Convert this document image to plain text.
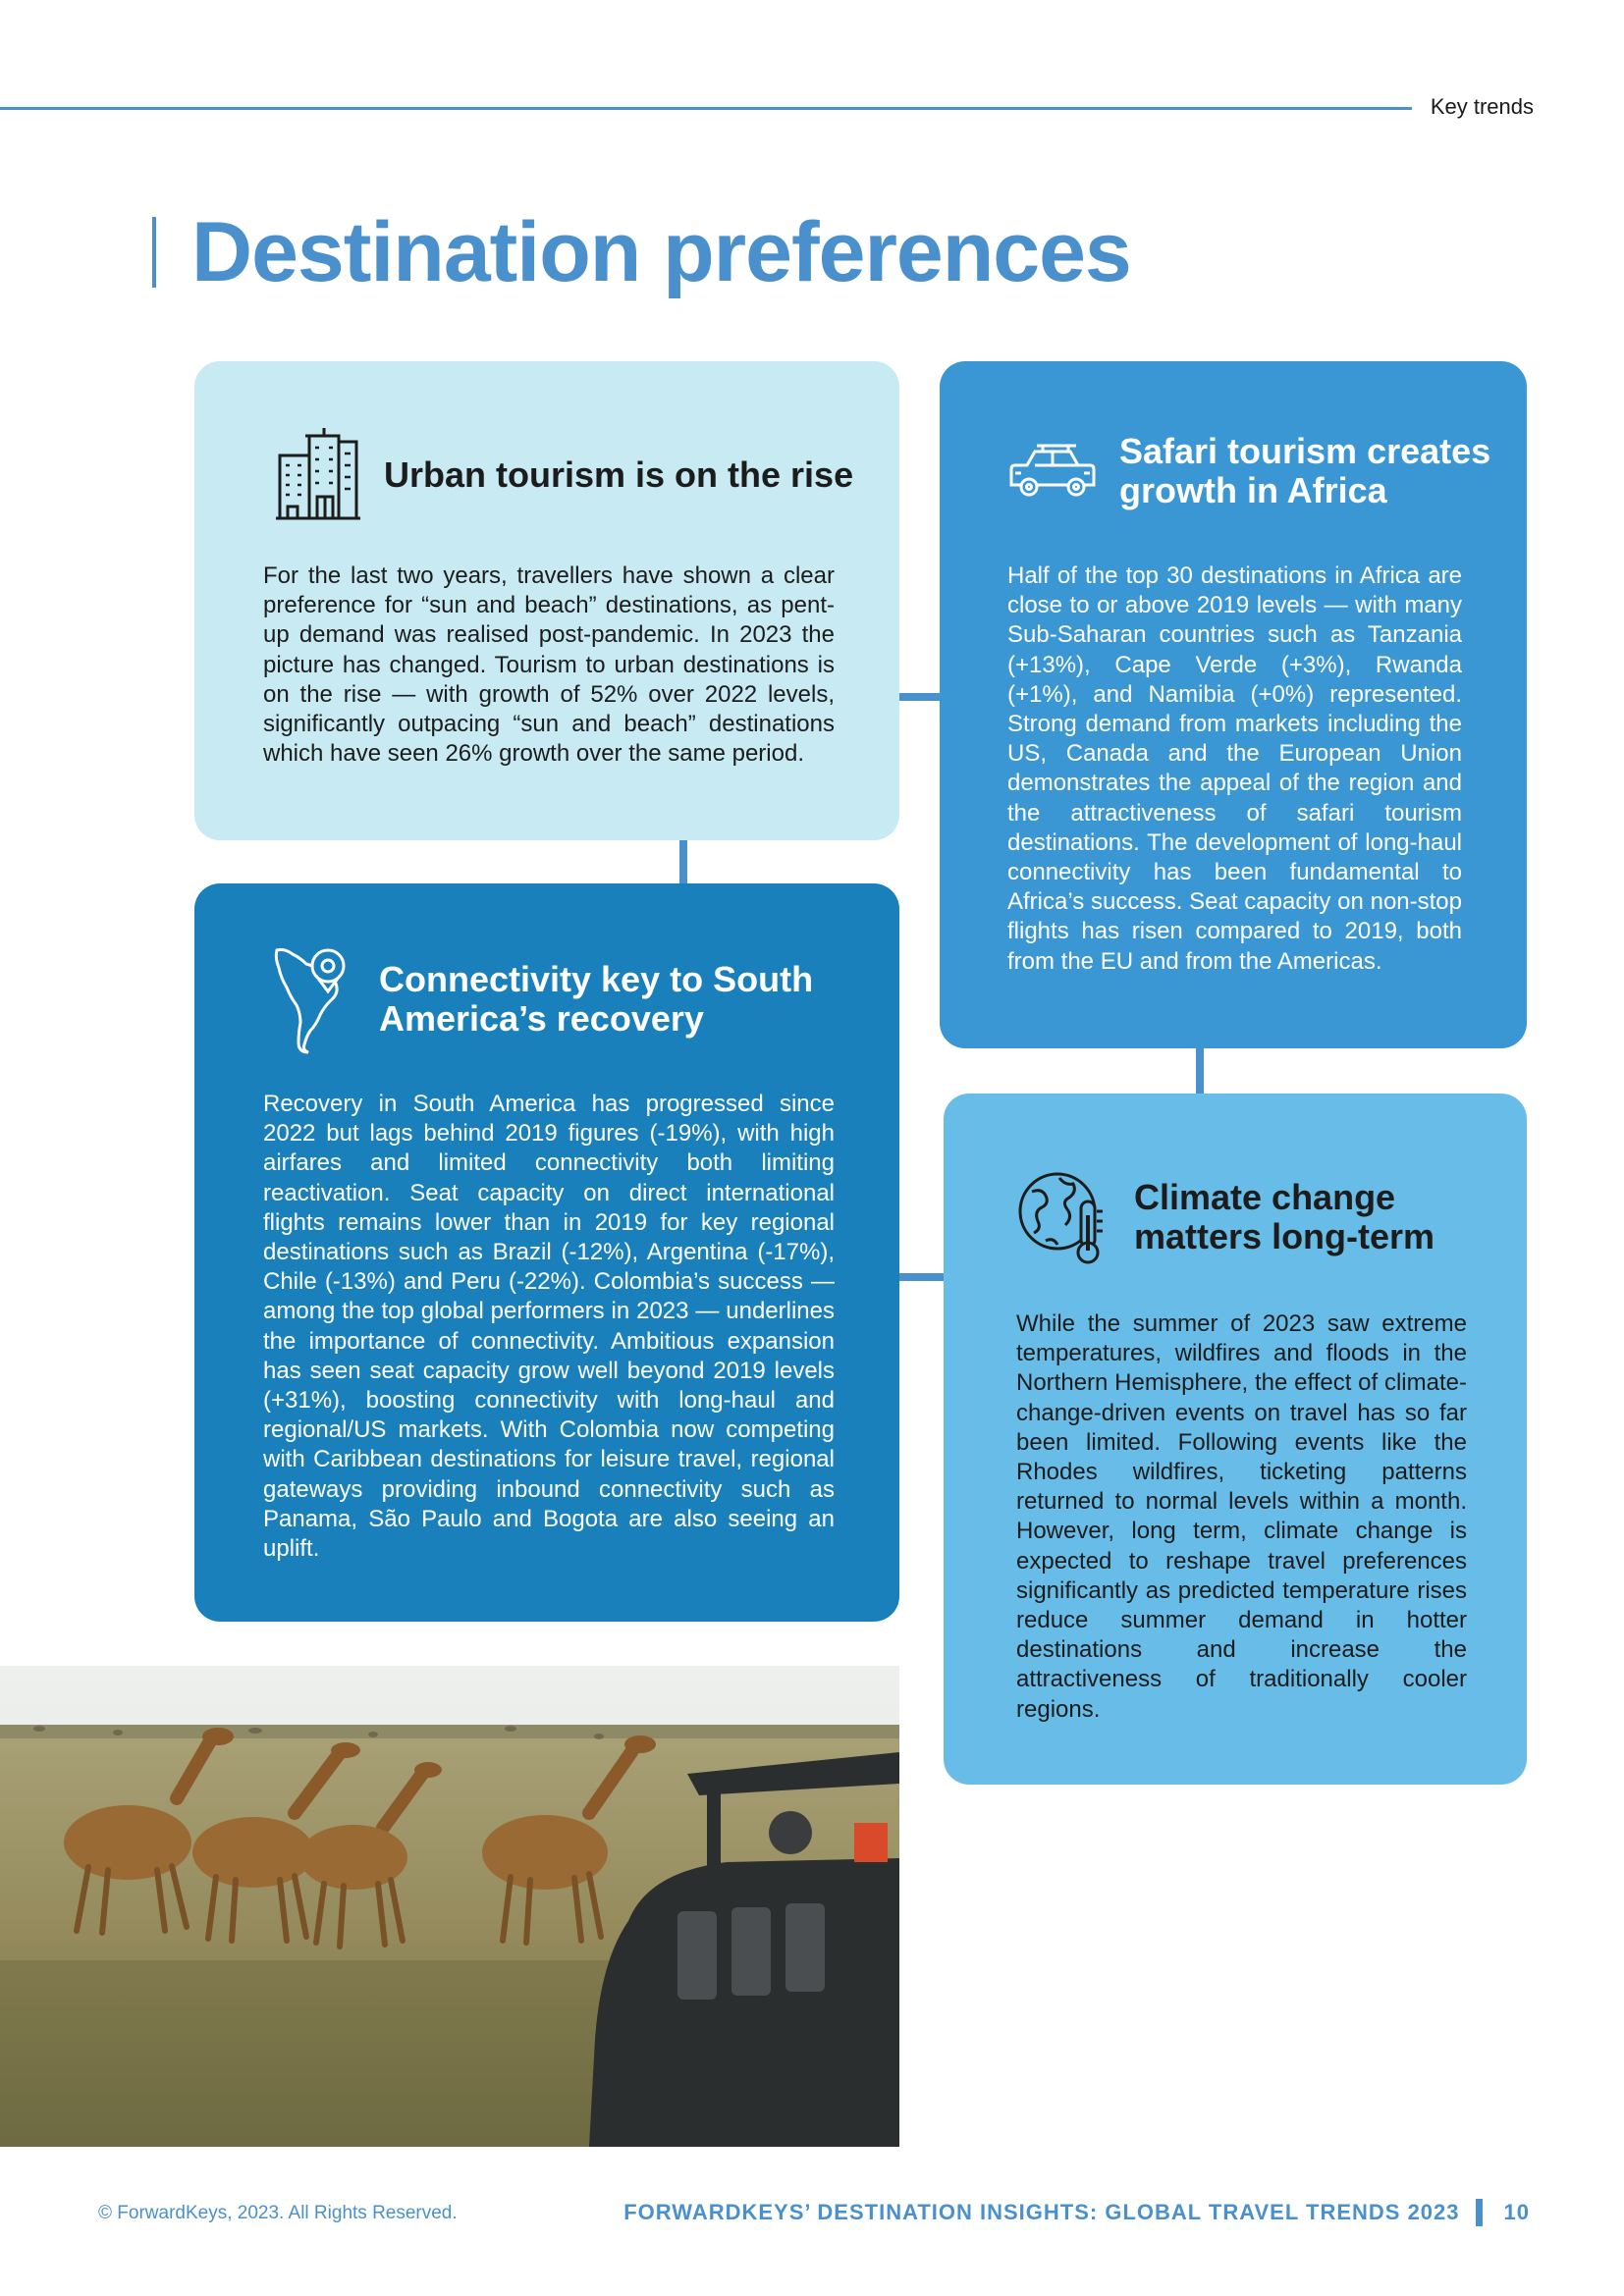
Key trends
Destination preferences
Urban tourism is on the rise

For the last two years, travellers have shown a clear preference for “sun and beach” destinations, as pent-up demand was realised post-pandemic. In 2023 the picture has changed. Tourism to urban destinations is on the rise — with growth of 52% over 2022 levels, significantly outpacing “sun and beach” destinations which have seen 26% growth over the same period.

Safari tourism creates growth in Africa

Half of the top 30 destinations in Africa are close to or above 2019 levels — with many Sub-Saharan countries such as Tanzania (+13%), Cape Verde (+3%), Rwanda (+1%), and Namibia (+0%) represented. Strong demand from markets including the US, Canada and the European Union demonstrates the appeal of the region and the attractiveness of safari tourism destinations. The development of long-haul connectivity has been fundamental to Africa’s success. Seat capacity on non-stop flights has risen compared to 2019, both from the EU and from the Americas.

Connectivity key to South America’s recovery

Recovery in South America has progressed since 2022 but lags behind 2019 figures (-19%), with high airfares and limited connectivity both limiting reactivation. Seat capacity on direct international flights remains lower than in 2019 for key regional destinations such as Brazil (-12%), Argentina (-17%), Chile (-13%) and Peru (-22%). Colombia’s success — among the top global performers in 2023 — underlines the importance of connectivity. Ambitious expansion has seen seat capacity grow well beyond 2019 levels (+31%), boosting connectivity with long-haul and regional/US markets. With Colombia now competing with Caribbean destinations for leisure travel, regional gateways providing inbound connectivity such as Panama, São Paulo and Bogota are also seeing an uplift.

Climate change matters long-term

While the summer of 2023 saw extreme temperatures, wildfires and floods in the Northern Hemisphere, the effect of climate-change-driven events on travel has so far been limited. Following events like the Rhodes wildfires, ticketing patterns returned to normal levels within a month. However, long term, climate change is expected to reshape travel preferences significantly as predicted temperature rises reduce summer demand in hotter destinations and increase the attractiveness of traditionally cooler regions.

© ForwardKeys, 2023. All Rights Reserved.	FORWARDKEYS’ DESTINATION INSIGHTS: GLOBAL TRAVEL TRENDS 2023 10
